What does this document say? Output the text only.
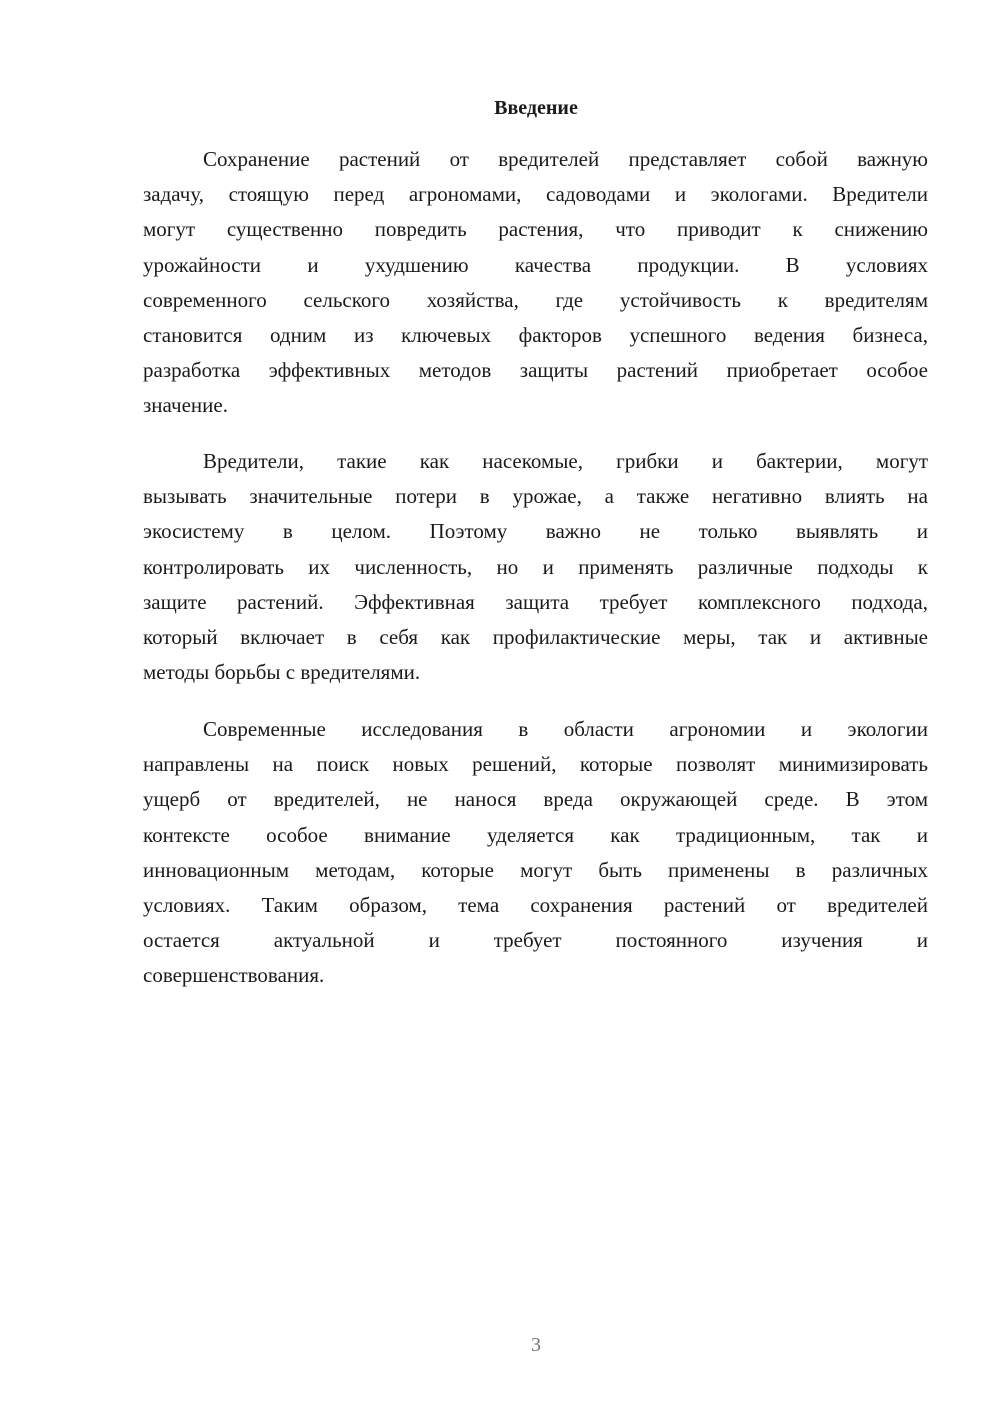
Введение
Сохранение растений от вредителей представляет собой важную
задачу, стоящую перед агрономами, садоводами и экологами. Вредители
могут существенно повредить растения, что приводит к снижению
урожайности и ухудшению качества продукции. В условиях
современного сельского хозяйства, где устойчивость к вредителям
становится одним из ключевых факторов успешного ведения бизнеса,
разработка эффективных методов защиты растений приобретает особое
значение.
Вредители, такие как насекомые, грибки и бактерии, могут
вызывать значительные потери в урожае, а также негативно влиять на
экосистему в целом. Поэтому важно не только выявлять и
контролировать их численность, но и применять различные подходы к
защите растений. Эффективная защита требует комплексного подхода,
который включает в себя как профилактические меры, так и активные
методы борьбы с вредителями.
Современные исследования в области агрономии и экологии
направлены на поиск новых решений, которые позволят минимизировать
ущерб от вредителей, не нанося вреда окружающей среде. В этом
контексте особое внимание уделяется как традиционным, так и
инновационным методам, которые могут быть применены в различных
условиях. Таким образом, тема сохранения растений от вредителей
остается актуальной и требует постоянного изучения и
совершенствования.
3
